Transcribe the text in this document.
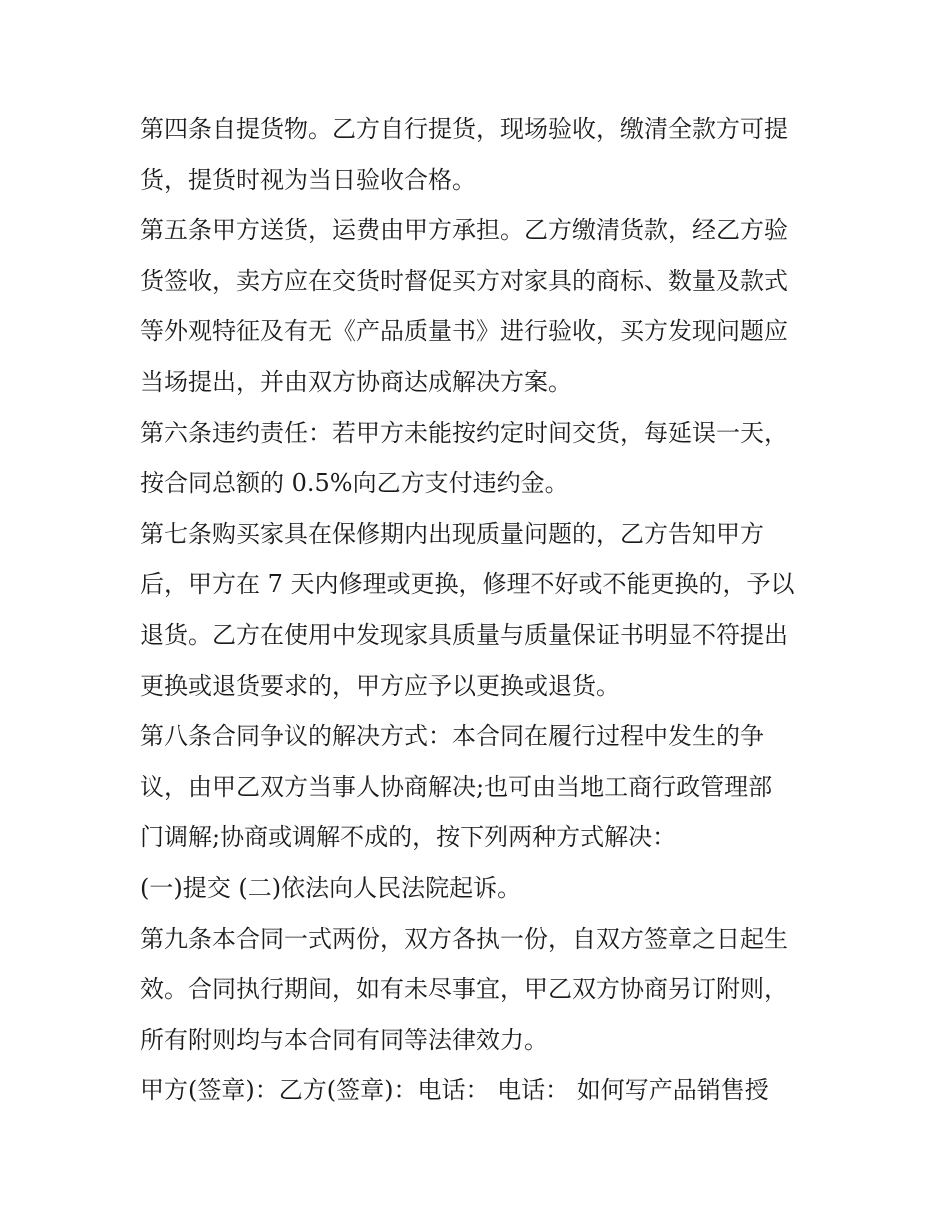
第四条自提货物。乙方自行提货，现场验收，缴清全款方可提
货，提货时视为当日验收合格。
第五条甲方送货，运费由甲方承担。乙方缴清货款，经乙方验
货签收，卖方应在交货时督促买方对家具的商标、数量及款式
等外观特征及有无《产品质量书》进行验收，买方发现问题应
当场提出，并由双方协商达成解决方案。
第六条违约责任：若甲方未能按约定时间交货，每延误一天，
按合同总额的 0.5%向乙方支付违约金。
第七条购买家具在保修期内出现质量问题的，乙方告知甲方
后，甲方在 7 天内修理或更换，修理不好或不能更换的，予以
退货。乙方在使用中发现家具质量与质量保证书明显不符提出
更换或退货要求的，甲方应予以更换或退货。
第八条合同争议的解决方式：本合同在履行过程中发生的争
议，由甲乙双方当事人协商解决;也可由当地工商行政管理部
门调解;协商或调解不成的，按下列两种方式解决：
(一)提交 (二)依法向人民法院起诉。
第九条本合同一式两份，双方各执一份，自双方签章之日起生
效。合同执行期间，如有未尽事宜，甲乙双方协商另订附则，
所有附则均与本合同有同等法律效力。
甲方(签章)：乙方(签章)：电话： 电话： 如何写产品销售授
